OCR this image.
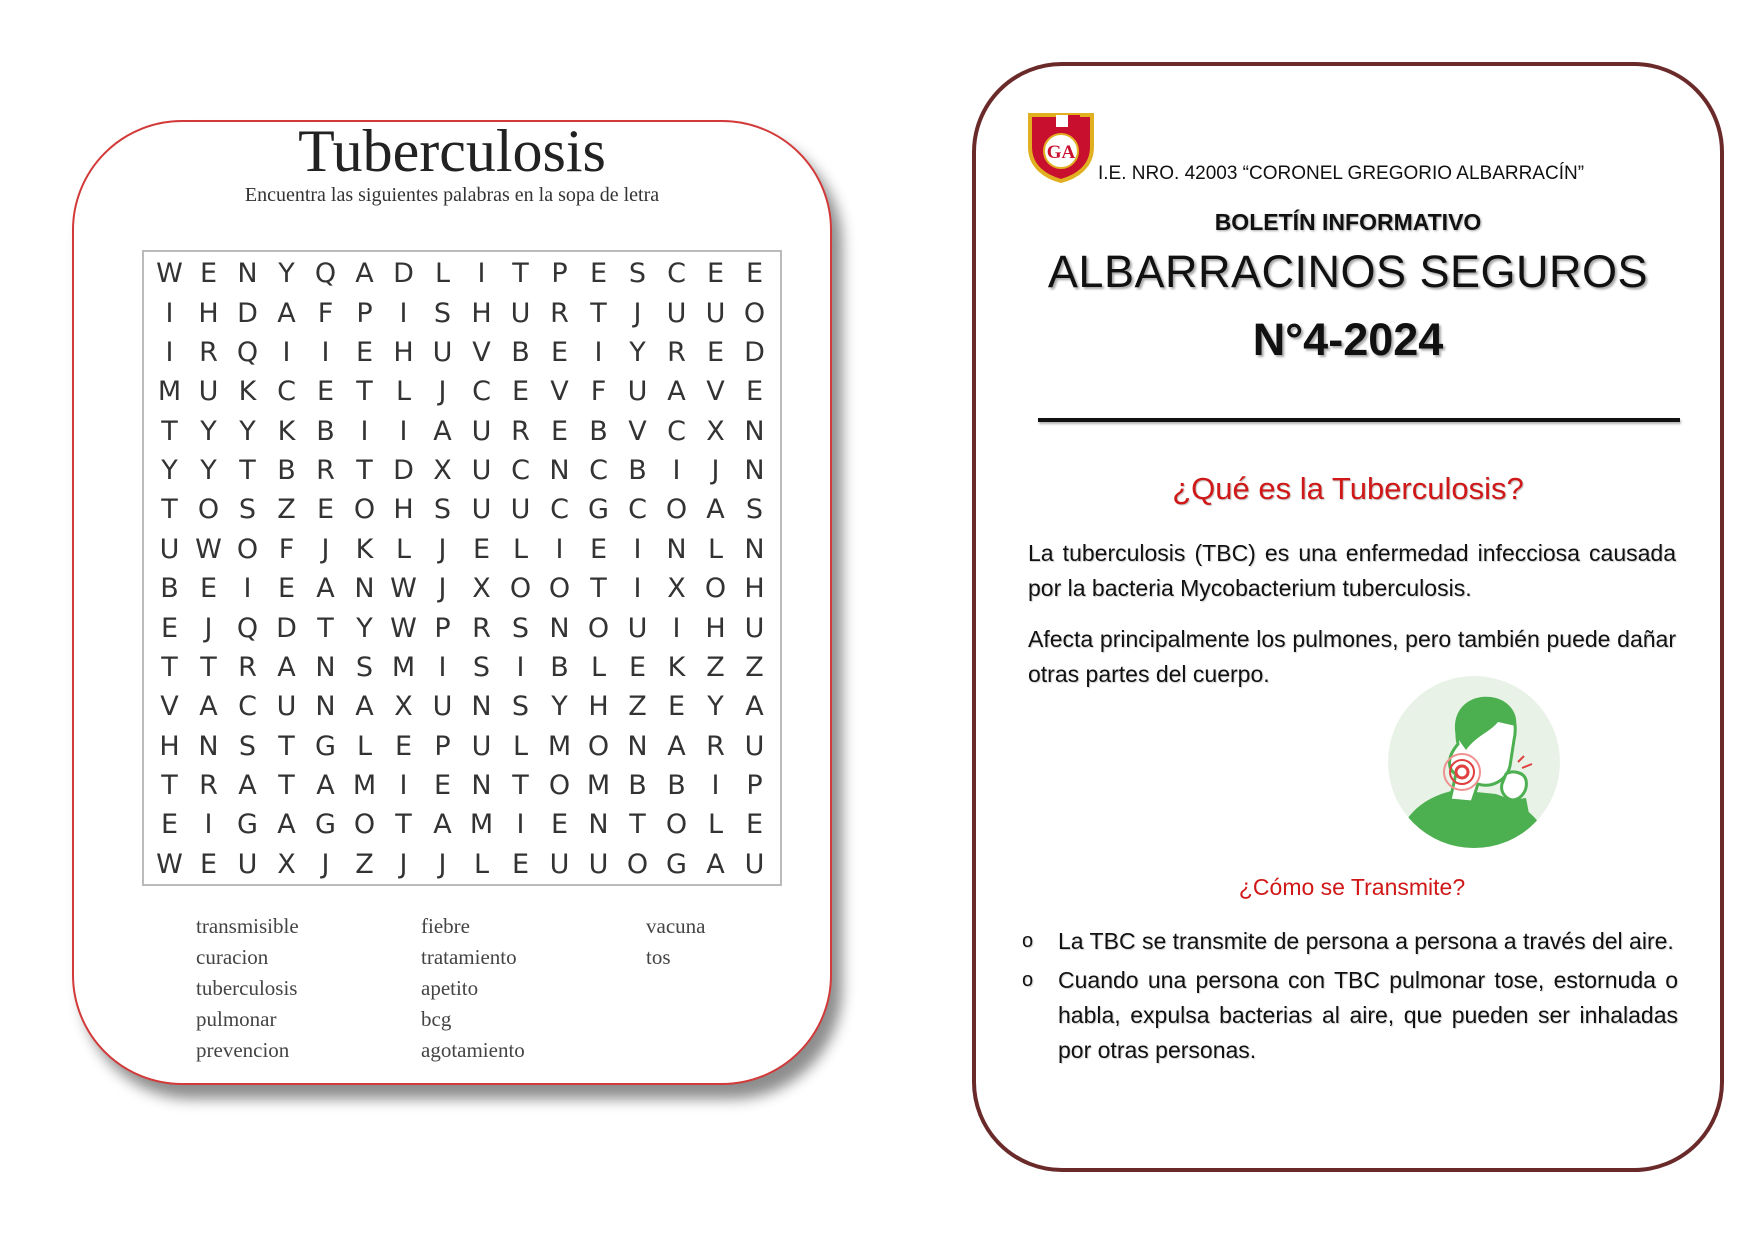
Tuberculosis
Encuentra las siguientes palabras en la sopa de letra
W E N Y Q A D L	I T P E S C E E
I H D A F P I S H U R T J U U O
I R Q I	I E H U V B E I Y R E D
M U K C E T L	J C E V F U A V E
T Y Y K B I	I A U R E B V C X N
Y Y T B R T D X U C N C B I	J N
T O S Z E O H S U U C G C O A S
U W O F	J K L	J E L	I E I N L N
B E I E A N W J X O O T I X O H
E J Q D T Y W P R S N O U I H U
T T R A N S M I S I B L E K Z Z
V A C U N A X U N S Y H Z E Y A
H N S T G L E P U L M O N A R U
T R A T A M I E N T O M B B I P
E I G A G O T A M I E N T O L E
W E U X J Z J	J	L E U U O G A U
transmisible
curacion
tuberculosis
pulmonar
prevencion
fiebre
tratamiento
apetito
bcg
agotamiento
vacuna
tos
GA
I.E. NRO. 42003 “CORONEL GREGORIO ALBARRACÍN”
BOLETÍN INFORMATIVO
ALBARRACINOS SEGUROS
N°4-2024
¿Qué es la Tuberculosis?

La tuberculosis (TBC) es una enfermedad infecciosa causada por la bacteria Mycobacterium tuberculosis.

Afecta principalmente los pulmones, pero también puede dañar otras partes del cuerpo.

¿Cómo se Transmite?
o La TBC se transmite de persona a persona a través del aire.
o Cuando una persona con TBC pulmonar tose, estornuda o habla, expulsa bacterias al aire, que pueden ser inhaladas por otras personas.
